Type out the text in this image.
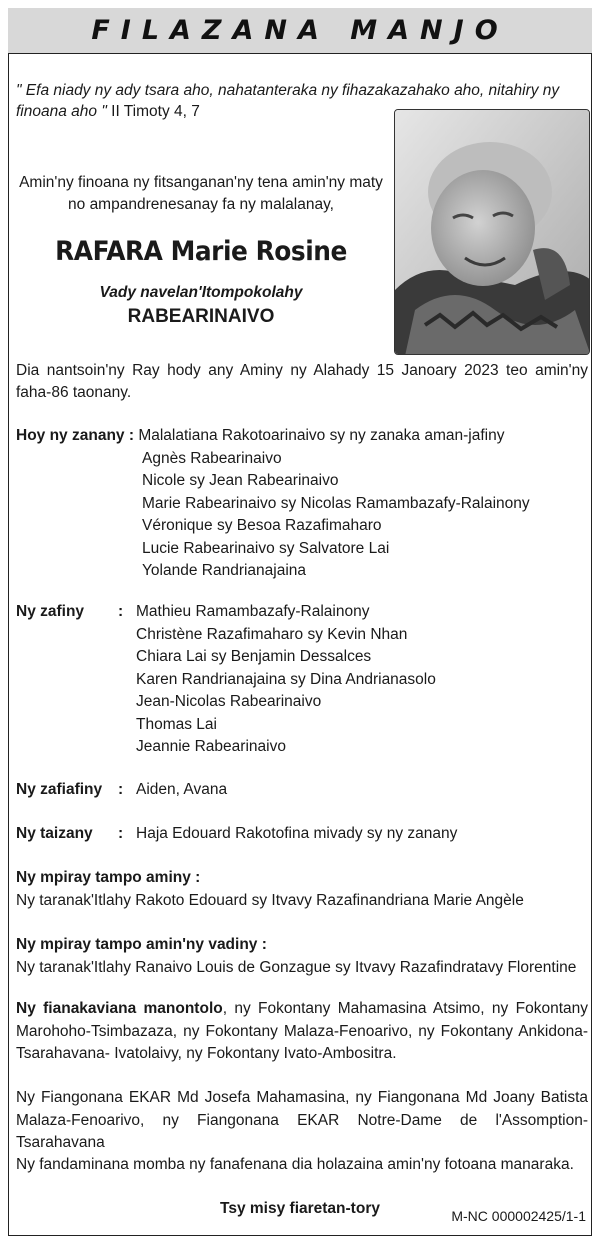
FILAZANA MANJO
" Efa niady ny ady tsara aho, nahatanteraka ny fihazakazahako aho, nitahiry ny finoana aho " II Timoty 4, 7
Amin'ny finoana ny fitsanganan'ny tena amin'ny maty
no ampandrenesanay fa ny malalanay,
RAFARA Marie Rosine
Vady navelan'Itompokolahy
RABEARINAIVO
Dia nantsoin'ny Ray hody any Aminy ny Alahady 15 Janoary 2023 teo amin'ny faha-86 taonany.
Hoy ny zanany : Malalatiana Rakotoarinaivo sy ny zanaka aman-jafiny
Agnès Rabearinaivo
Nicole sy Jean Rabearinaivo
Marie Rabearinaivo sy Nicolas Ramambazafy-Ralainony
Véronique sy Besoa Razafimaharo
Lucie Rabearinaivo sy Salvatore Lai
Yolande Randrianajaina
Ny zafiny : Mathieu Ramambazafy-Ralainony
Christène Razafimaharo sy Kevin Nhan
Chiara Lai sy Benjamin Dessalces
Karen Randrianajaina sy Dina Andrianasolo
Jean-Nicolas Rabearinaivo
Thomas Lai
Jeannie Rabearinaivo
Ny zafiafiny : Aiden, Avana
Ny taizany : Haja Edouard Rakotofina mivady sy ny zanany
Ny mpiray tampo aminy :
Ny taranak'Itlahy Rakoto Edouard sy Itvavy Razafinandriana Marie Angèle
Ny mpiray tampo amin'ny vadiny :
Ny taranak'Itlahy Ranaivo Louis de Gonzague sy Itvavy Razafindratavy Florentine
Ny fianakaviana manontolo, ny Fokontany Mahamasina Atsimo, ny Fokontany Marohoho-Tsimbazaza, ny Fokontany Malaza-Fenoarivo, ny Fokontany Ankidona-Tsarahavana- Ivatolaivy, ny Fokontany Ivato-Ambositra.
Ny Fiangonana EKAR Md Josefa Mahamasina, ny Fiangonana Md Joany Batista Malaza-Fenoarivo, ny Fiangonana EKAR Notre-Dame de l'Assomption-Tsarahavana
Ny fandaminana momba ny fanafenana dia holazaina amin'ny fotoana manaraka.
Tsy misy fiaretan-tory	M-NC 000002425/1-1
